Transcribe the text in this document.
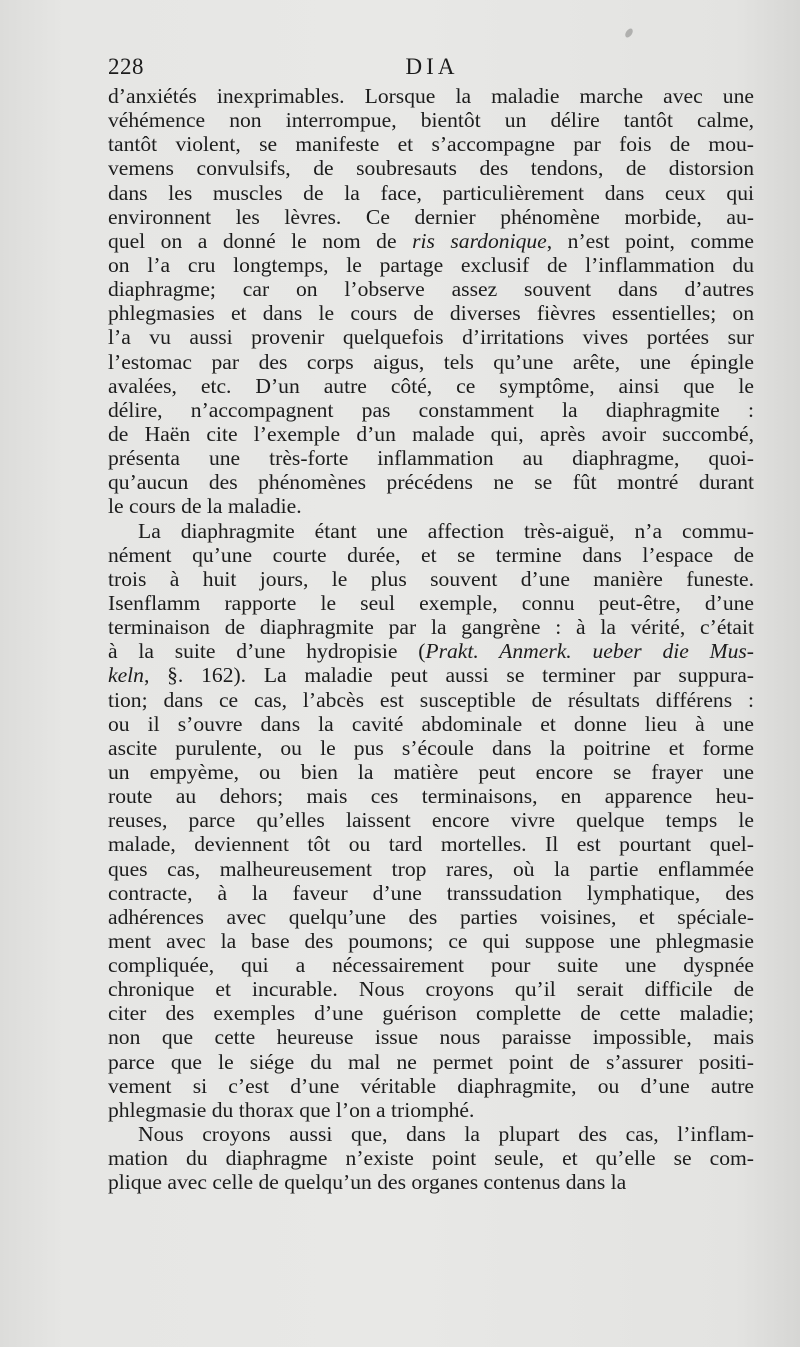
228	DIA
d’anxiétés inexprimables. Lorsque la maladie marche avec une
véhémence non interrompue, bientôt un délire tantôt calme,
tantôt violent, se manifeste et s’accompagne par fois de mou-
vemens convulsifs, de soubresauts des tendons, de distorsion
dans les muscles de la face, particulièrement dans ceux qui
environnent les lèvres. Ce dernier phénomène morbide, au-
quel on a donné le nom de ris sardonique, n’est point, comme
on l’a cru longtemps, le partage exclusif de l’inflammation du
diaphragme; car on l’observe assez souvent dans d’autres
phlegmasies et dans le cours de diverses fièvres essentielles; on
l’a vu aussi provenir quelquefois d’irritations vives portées sur
l’estomac par des corps aigus, tels qu’une arête, une épingle
avalées, etc. D’un autre côté, ce symptôme, ainsi que le
délire, n’accompagnent pas constamment la diaphragmite :
de Haën cite l’exemple d’un malade qui, après avoir succombé,
présenta une très-forte inflammation au diaphragme, quoi-
qu’aucun des phénomènes précédens ne se fût montré durant
le cours de la maladie.
La diaphragmite étant une affection très-aiguë, n’a commu-
nément qu’une courte durée, et se termine dans l’espace de
trois à huit jours, le plus souvent d’une manière funeste.
Isenflamm rapporte le seul exemple, connu peut-être, d’une
terminaison de diaphragmite par la gangrène : à la vérité, c’était
à la suite d’une hydropisie (Prakt. Anmerk. ueber die Mus-
keln, §. 162). La maladie peut aussi se terminer par suppura-
tion; dans ce cas, l’abcès est susceptible de résultats différens :
ou il s’ouvre dans la cavité abdominale et donne lieu à une
ascite purulente, ou le pus s’écoule dans la poitrine et forme
un empyème, ou bien la matière peut encore se frayer une
route au dehors; mais ces terminaisons, en apparence heu-
reuses, parce qu’elles laissent encore vivre quelque temps le
malade, deviennent tôt ou tard mortelles. Il est pourtant quel-
ques cas, malheureusement trop rares, où la partie enflammée
contracte, à la faveur d’une transsudation lymphatique, des
adhérences avec quelqu’une des parties voisines, et spéciale-
ment avec la base des poumons; ce qui suppose une phlegmasie
compliquée, qui a nécessairement pour suite une dyspnée
chronique et incurable. Nous croyons qu’il serait difficile de
citer des exemples d’une guérison complette de cette maladie;
non que cette heureuse issue nous paraisse impossible, mais
parce que le siége du mal ne permet point de s’assurer positi-
vement si c’est d’une véritable diaphragmite, ou d’une autre
phlegmasie du thorax que l’on a triomphé.
Nous croyons aussi que, dans la plupart des cas, l’inflam-
mation du diaphragme n’existe point seule, et qu’elle se com-
plique avec celle de quelqu’un des organes contenus dans la
